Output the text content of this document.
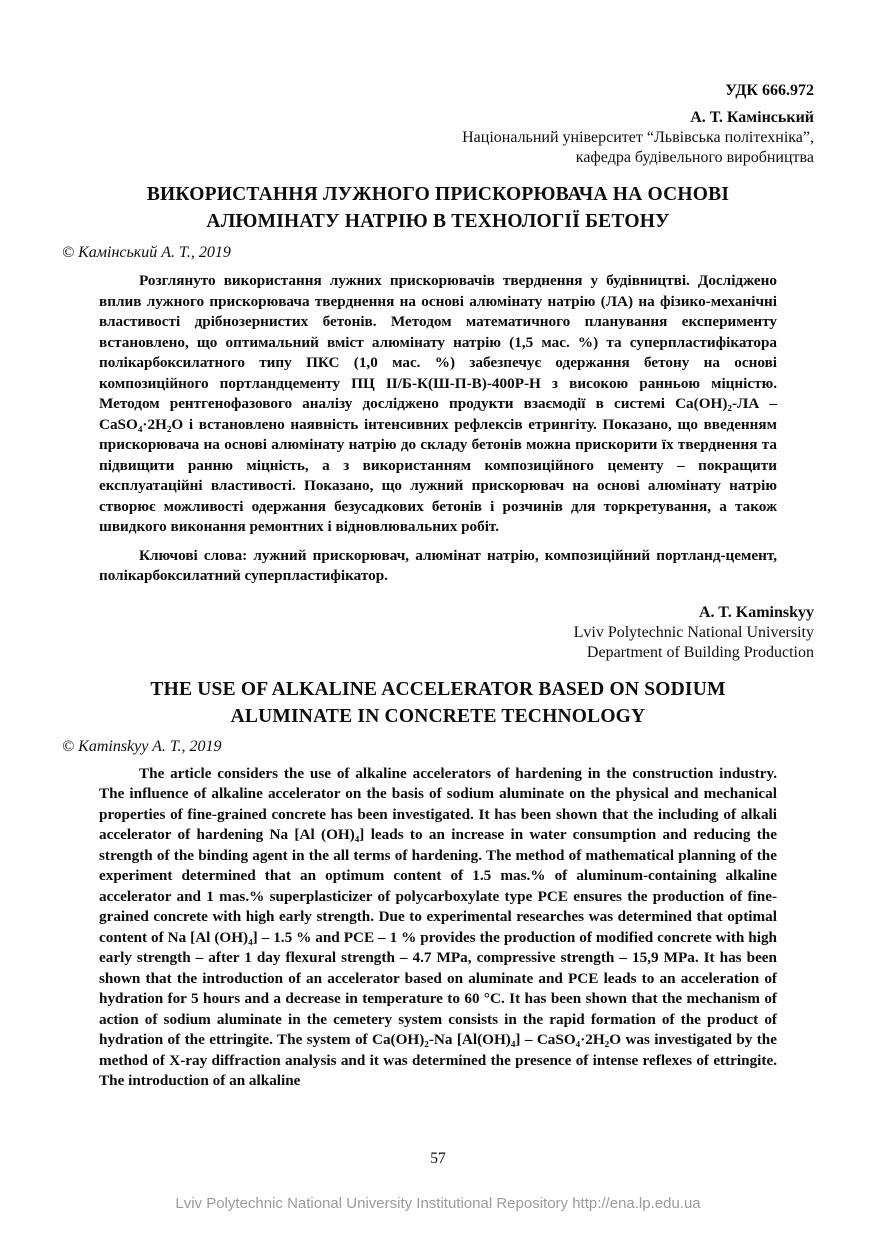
УДК 666.972
А. Т. Камінський
Національний університет “Львівська політехніка”,
кафедра будівельного виробництва
ВИКОРИСТАННЯ ЛУЖНОГО ПРИСКОРЮВАЧА НА ОСНОВІ АЛЮМІНАТУ НАТРІЮ В ТЕХНОЛОГІЇ БЕТОНУ
© Камінський А. Т., 2019

Розглянуто використання лужних прискорювачів тверднення у будівництві. Досліджено вплив лужного прискорювача тверднення на основі алюмінату натрію (ЛА) на фізико-механічні властивості дрібнозернистих бетонів. Методом математичного планування експерименту встановлено, що оптимальний вміст алюмінату натрію (1,5 мас. %) та суперпластифікатора полікарбоксилатного типу ПКС (1,0 мас. %) забезпечує одержання бетону на основі композиційного портландцементу ПЦ ІІ/Б-К(Ш-П-В)-400Р-Н з високою ранньою міцністю. Методом рентгенофазового аналізу досліджено продукти взаємодії в системі Ca(OH)₂-ЛА – CaSO₄·2H₂O і встановлено наявність інтенсивних рефлексів етрингіту. Показано, що введенням прискорювача на основі алюмінату натрію до складу бетонів можна прискорити їх тверднення та підвищити ранню міцність, а з використанням композиційного цементу – покращити експлуатаційні властивості. Показано, що лужний прискорювач на основі алюмінату натрію створює можливості одержання безусадкових бетонів і розчинів для торкретування, а також швидкого виконання ремонтних і відновлювальних робіт.

Ключові слова: лужний прискорювач, алюмінат натрію, композиційний портланд-цемент, полікарбоксилатний суперпластифікатор.

A. T. Kaminskyy
Lviv Polytechnic National University
Department of Building Production
THE USE OF ALKALINE ACCELERATOR BASED ON SODIUM ALUMINATE IN CONCRETE TECHNOLOGY
© Kaminskyy A. T., 2019

The article considers the use of alkaline accelerators of hardening in the construction industry. The influence of alkaline accelerator on the basis of sodium aluminate on the physical and mechanical properties of fine-grained concrete has been investigated. It has been shown that the including of alkali accelerator of hardening Na [Al (OH)₄] leads to an increase in water consumption and reducing the strength of the binding agent in the all terms of hardening. The method of mathematical planning of the experiment determined that an optimum content of 1.5 mas.% of aluminum-containing alkaline accelerator and 1 mas.% superplasticizer of polycarboxylate type PCE ensures the production of fine-grained concrete with high early strength. Due to experimental researches was determined that optimal content of Na [Al (OH)₄] – 1.5 % and PCE – 1 % provides the production of modified concrete with high early strength – after 1 day flexural strength – 4.7 MPa, compressive strength – 15,9 MPa. It has been shown that the introduction of an accelerator based on aluminate and PCE leads to an acceleration of hydration for 5 hours and a decrease in temperature to 60 °C. It has been shown that the mechanism of action of sodium aluminate in the cemetery system consists in the rapid formation of the product of hydration of the ettringite. The system of Ca(OH)₂-Na [Al(OH)₄] – CaSO₄·2H₂O was investigated by the method of X-ray diffraction analysis and it was determined the presence of intense reflexes of ettringite. The introduction of an alkaline

57
Lviv Polytechnic National University Institutional Repository http://ena.lp.edu.ua
